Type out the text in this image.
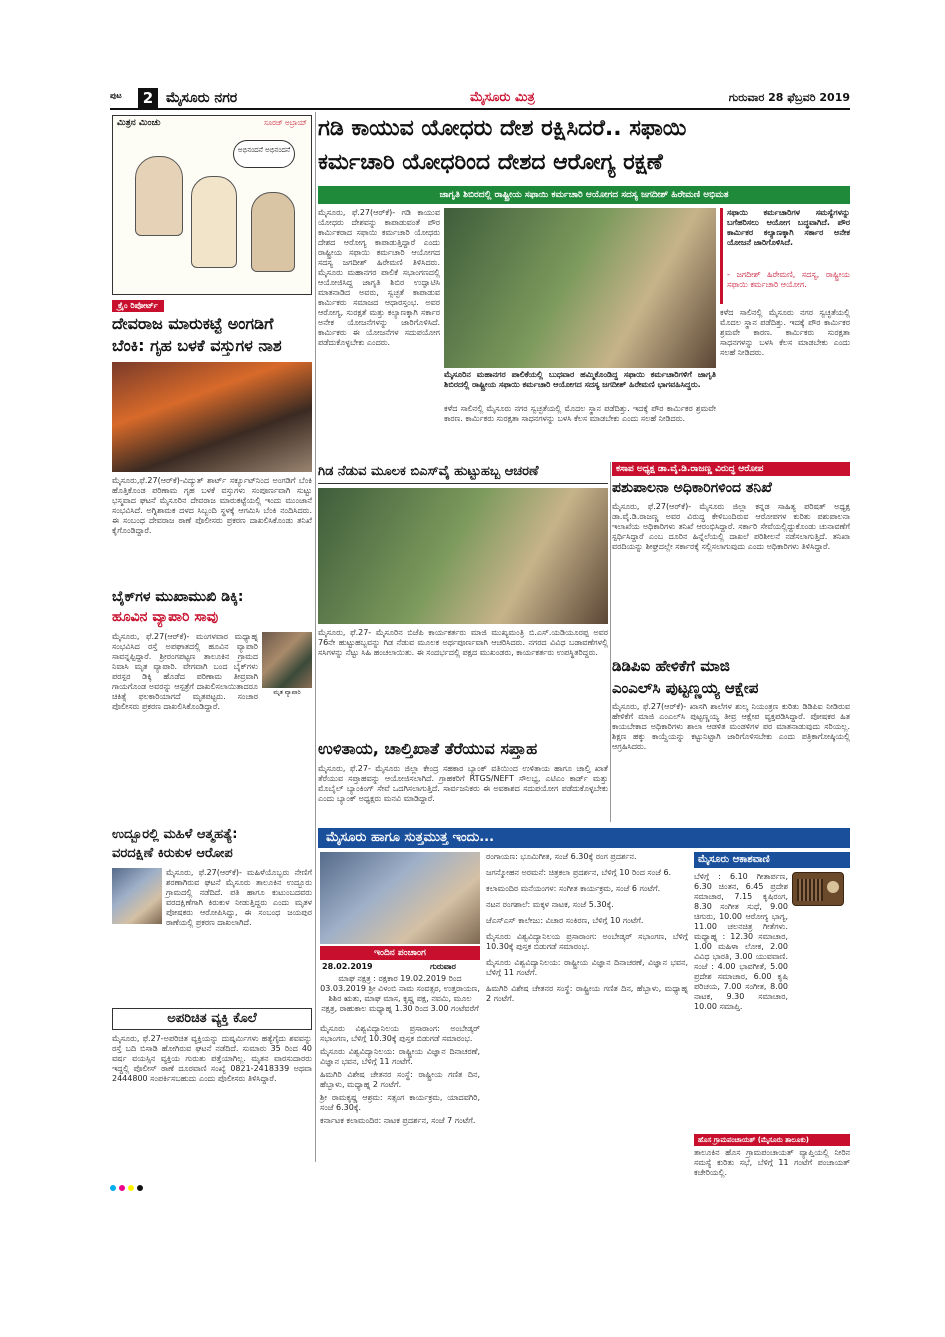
ಪುಟ	2 ಮೈಸೂರು ನಗರ	ಮೈಸೂರು ಮಿತ್ರ	ಗುರುವಾರ 28 ಫೆಬ್ರವರಿ 2019
ಮಿತ್ರನ ಮಿಂಚು	ಸೂರಜ್ ಅಬ್ರಾಯ್
ಅಭಿನಂದನೆ ಅಭಿನಂದನೆ
ಕ್ರೈಂ ರಿಪೋರ್ಟ್
ದೇವರಾಜ ಮಾರುಕಟ್ಟೆ ಅಂಗಡಿಗೆ
ಬೆಂಕಿ: ಗೃಹ ಬಳಕೆ ವಸ್ತುಗಳ ನಾಶ
ಮೈಸೂರು,ಫೆ.27(ಆರ್‌ಕೆ)-ವಿದ್ಯುತ್ ಶಾರ್ಟ್ ಸರ್ಕ್ಯೂಟ್‌ನಿಂದ ಅಂಗಡಿಗೆ ಬೆಂಕಿ ಹೊತ್ತಿಕೊಂಡ ಪರಿಣಾಮ ಗೃಹ ಬಳಕೆ ವಸ್ತುಗಳು ಸಂಪೂರ್ಣವಾಗಿ ಸುಟ್ಟು ಭಸ್ಮವಾದ ಘಟನೆ ಮೈಸೂರಿನ ದೇವರಾಜ ಮಾರುಕಟ್ಟೆಯಲ್ಲಿ ಇಂದು ಮುಂಜಾನೆ ಸಂಭವಿಸಿದೆ. ಅಗ್ನಿಶಾಮಕ ದಳದ ಸಿಬ್ಬಂದಿ ಸ್ಥಳಕ್ಕೆ ಆಗಮಿಸಿ ಬೆಂಕಿ ನಂದಿಸಿದರು. ಈ ಸಂಬಂಧ ದೇವರಾಜ ಠಾಣೆ ಪೊಲೀಸರು ಪ್ರಕರಣ ದಾಖಲಿಸಿಕೊಂಡು ತನಿಖೆ ಕೈಗೊಂಡಿದ್ದಾರೆ.
ಬೈಕ್‌ಗಳ ಮುಖಾಮುಖಿ ಡಿಕ್ಕಿ:
ಹೂವಿನ ವ್ಯಾಪಾರಿ ಸಾವು
ಮೃತ ವ್ಯಾಪಾರಿ
ಮೈಸೂರು, ಫೆ.27(ಆರ್‌ಕೆ)- ಮಂಗಳವಾರ ಮಧ್ಯಾಹ್ನ ಸಂಭವಿಸಿದ ರಸ್ತೆ ಅಪಘಾತದಲ್ಲಿ ಹೂವಿನ ವ್ಯಾಪಾರಿ ಸಾವನ್ನಪ್ಪಿದ್ದಾರೆ. ಶ್ರೀರಂಗಪಟ್ಟಣ ತಾಲೂಕಿನ ಗ್ರಾಮದ ನಿವಾಸಿ ಮೃತ ವ್ಯಾಪಾರಿ. ವೇಗವಾಗಿ ಬಂದ ಬೈಕ್‌ಗಳು ಪರಸ್ಪರ ಡಿಕ್ಕಿ ಹೊಡೆದ ಪರಿಣಾಮ ತೀವ್ರವಾಗಿ ಗಾಯಗೊಂಡ ಅವರನ್ನು ಆಸ್ಪತ್ರೆಗೆ ದಾಖಲಿಸಲಾಯಿತಾದರೂ ಚಿಕಿತ್ಸೆ ಫಲಕಾರಿಯಾಗದೆ ಮೃತಪಟ್ಟರು. ಸಂಚಾರ ಪೊಲೀಸರು ಪ್ರಕರಣ ದಾಖಲಿಸಿಕೊಂಡಿದ್ದಾರೆ.
ಉದ್ಬೂರಲ್ಲಿ ಮಹಿಳೆ ಆತ್ಮಹತ್ಯೆ:
ವರದಕ್ಷಿಣೆ ಕಿರುಕುಳ ಆರೋಪ
ಮೈಸೂರು, ಫೆ.27(ಆರ್‌ಕೆ)- ಮಹಿಳೆಯೊಬ್ಬರು ನೇಣಿಗೆ ಶರಣಾಗಿರುವ ಘಟನೆ ಮೈಸೂರು ತಾಲೂಕಿನ ಉದ್ಬೂರು ಗ್ರಾಮದಲ್ಲಿ ನಡೆದಿದೆ. ಪತಿ ಹಾಗೂ ಕುಟುಂಬದವರು ವರದಕ್ಷಿಣೆಗಾಗಿ ಕಿರುಕುಳ ನೀಡುತ್ತಿದ್ದರು ಎಂದು ಮೃತಳ ಪೋಷಕರು ಆರೋಪಿಸಿದ್ದು, ಈ ಸಂಬಂಧ ಜಯಪುರ ಠಾಣೆಯಲ್ಲಿ ಪ್ರಕರಣ ದಾಖಲಾಗಿದೆ.
ಅಪರಿಚಿತ ವ್ಯಕ್ತಿ ಕೊಲೆ
ಮೈಸೂರು, ಫೆ.27-ಅಪರಿಚಿತ ವ್ಯಕ್ತಿಯನ್ನು ದುಷ್ಕರ್ಮಿಗಳು ಹತ್ಯೆಗೈದು ಶವವನ್ನು ರಸ್ತೆ ಬದಿ ಬಿಸಾಡಿ ಹೋಗಿರುವ ಘಟನೆ ನಡೆದಿದೆ. ಸುಮಾರು 35 ರಿಂದ 40 ವರ್ಷ ವಯಸ್ಸಿನ ವ್ಯಕ್ತಿಯ ಗುರುತು ಪತ್ತೆಯಾಗಿಲ್ಲ. ಮೃತನ ವಾರಸುದಾರರು ಇದ್ದಲ್ಲಿ ಪೊಲೀಸ್ ಠಾಣೆ ದೂರವಾಣಿ ಸಂಖ್ಯೆ 0821-2418339 ಅಥವಾ 2444800 ಸಂಪರ್ಕಿಸಬಹುದು ಎಂದು ಪೊಲೀಸರು ತಿಳಿಸಿದ್ದಾರೆ.
ಗಡಿ ಕಾಯುವ ಯೋಧರು ದೇಶ ರಕ್ಷಿಸಿದರೆ.. ಸಫಾಯಿ
ಕರ್ಮಚಾರಿ ಯೋಧರಿಂದ ದೇಶದ ಆರೋಗ್ಯ ರಕ್ಷಣೆ
ಜಾಗೃತಿ ಶಿಬಿರದಲ್ಲಿ ರಾಷ್ಟ್ರೀಯ ಸಫಾಯಿ ಕರ್ಮಚಾರಿ ಆಯೋಗದ ಸದಸ್ಯ ಜಗದೀಶ್ ಹಿರೇಮಣಿ ಅಭಿಮತ
ಮೈಸೂರು, ಫೆ.27(ಆರ್‌ಕೆ)- ಗಡಿ ಕಾಯುವ ಯೋಧರು ದೇಶವನ್ನು ಕಾಪಾಡುವಂತೆ ಪೌರ ಕಾರ್ಮಿಕರಾದ ಸಫಾಯಿ ಕರ್ಮಚಾರಿ ಯೋಧರು ದೇಶದ ಆರೋಗ್ಯ ಕಾಪಾಡುತ್ತಿದ್ದಾರೆ ಎಂದು ರಾಷ್ಟ್ರೀಯ ಸಫಾಯಿ ಕರ್ಮಚಾರಿ ಆಯೋಗದ ಸದಸ್ಯ ಜಗದೀಶ್ ಹಿರೇಮಣಿ ತಿಳಿಸಿದರು. ಮೈಸೂರು ಮಹಾನಗರ ಪಾಲಿಕೆ ಸಭಾಂಗಣದಲ್ಲಿ ಆಯೋಜಿಸಿದ್ದ ಜಾಗೃತಿ ಶಿಬಿರ ಉದ್ಘಾಟಿಸಿ ಮಾತನಾಡಿದ ಅವರು, ಸ್ವಚ್ಛತೆ ಕಾಪಾಡುವ ಕಾರ್ಮಿಕರು ಸಮಾಜದ ಆಧಾರಸ್ತಂಭ. ಅವರ ಆರೋಗ್ಯ, ಸುರಕ್ಷತೆ ಮತ್ತು ಕಲ್ಯಾಣಕ್ಕಾಗಿ ಸರ್ಕಾರ ಅನೇಕ ಯೋಜನೆಗಳನ್ನು ಜಾರಿಗೊಳಿಸಿದೆ. ಕಾರ್ಮಿಕರು ಈ ಯೋಜನೆಗಳ ಸದುಪಯೋಗ ಪಡೆದುಕೊಳ್ಳಬೇಕು ಎಂದರು.
ಮೈಸೂರಿನ ಮಹಾನಗರ ಪಾಲಿಕೆಯಲ್ಲಿ ಬುಧವಾರ ಹಮ್ಮಿಕೊಂಡಿದ್ದ ಸಫಾಯಿ ಕರ್ಮಚಾರಿಗಳಿಗೆ ಜಾಗೃತಿ ಶಿಬಿರದಲ್ಲಿ ರಾಷ್ಟ್ರೀಯ ಸಫಾಯಿ ಕರ್ಮಚಾರಿ ಆಯೋಗದ ಸದಸ್ಯ ಜಗದೀಶ್ ಹಿರೇಮಣಿ ಭಾಗವಹಿಸಿದ್ದರು.
ಕಳೆದ ಸಾಲಿನಲ್ಲಿ ಮೈಸೂರು ನಗರ ಸ್ವಚ್ಛತೆಯಲ್ಲಿ ಮೊದಲ ಸ್ಥಾನ ಪಡೆದಿತ್ತು. ಇದಕ್ಕೆ ಪೌರ ಕಾರ್ಮಿಕರ ಶ್ರಮವೇ ಕಾರಣ. ಕಾರ್ಮಿಕರು ಸುರಕ್ಷತಾ ಸಾಧನಗಳನ್ನು ಬಳಸಿ ಕೆಲಸ ಮಾಡಬೇಕು ಎಂದು ಸಲಹೆ ನೀಡಿದರು.
ಸಫಾಯಿ ಕರ್ಮಚಾರಿಗಳ ಸಮಸ್ಯೆಗಳನ್ನು ಬಗೆಹರಿಸಲು ಆಯೋಗ ಬದ್ಧವಾಗಿದೆ. ಪೌರ ಕಾರ್ಮಿಕರ ಕಲ್ಯಾಣಕ್ಕಾಗಿ ಸರ್ಕಾರ ಅನೇಕ ಯೋಜನೆ ಜಾರಿಗೊಳಿಸಿದೆ.
- ಜಗದೀಶ್ ಹಿರೇಮಣಿ, ಸದಸ್ಯ, ರಾಷ್ಟ್ರೀಯ ಸಫಾಯಿ ಕರ್ಮಚಾರಿ ಆಯೋಗ.
ಕಳೆದ ಸಾಲಿನಲ್ಲಿ ಮೈಸೂರು ನಗರ ಸ್ವಚ್ಛತೆಯಲ್ಲಿ ಮೊದಲ ಸ್ಥಾನ ಪಡೆದಿತ್ತು. ಇದಕ್ಕೆ ಪೌರ ಕಾರ್ಮಿಕರ ಶ್ರಮವೇ ಕಾರಣ. ಕಾರ್ಮಿಕರು ಸುರಕ್ಷತಾ ಸಾಧನಗಳನ್ನು ಬಳಸಿ ಕೆಲಸ ಮಾಡಬೇಕು ಎಂದು ಸಲಹೆ ನೀಡಿದರು.
ಗಿಡ ನೆಡುವ ಮೂಲಕ ಬಿಎಸ್‌ವೈ ಹುಟ್ಟುಹಬ್ಬ ಆಚರಣೆ
ಮೈಸೂರು, ಫೆ.27- ಮೈಸೂರಿನ ಬಿಜೆಪಿ ಕಾರ್ಯಕರ್ತರು ಮಾಜಿ ಮುಖ್ಯಮಂತ್ರಿ ಬಿ.ಎಸ್.ಯಡಿಯೂರಪ್ಪ ಅವರ 76ನೇ ಹುಟ್ಟುಹಬ್ಬವನ್ನು ಗಿಡ ನೆಡುವ ಮೂಲಕ ಅರ್ಥಪೂರ್ಣವಾಗಿ ಆಚರಿಸಿದರು. ನಗರದ ವಿವಿಧ ಬಡಾವಣೆಗಳಲ್ಲಿ ಸಸಿಗಳನ್ನು ನೆಟ್ಟು ಸಿಹಿ ಹಂಚಲಾಯಿತು. ಈ ಸಂದರ್ಭದಲ್ಲಿ ಪಕ್ಷದ ಮುಖಂಡರು, ಕಾರ್ಯಕರ್ತರು ಉಪಸ್ಥಿತರಿದ್ದರು.
ಕಸಾಪ ಅಧ್ಯಕ್ಷ ಡಾ.ವೈ.ಡಿ.ರಾಜಣ್ಣ ವಿರುದ್ಧ ಆರೋಪ
ಪಶುಪಾಲನಾ ಅಧಿಕಾರಿಗಳಿಂದ ತನಿಖೆ
ಮೈಸೂರು, ಫೆ.27(ಆರ್‌ಕೆ)- ಮೈಸೂರು ಜಿಲ್ಲಾ ಕನ್ನಡ ಸಾಹಿತ್ಯ ಪರಿಷತ್ ಅಧ್ಯಕ್ಷ ಡಾ.ವೈ.ಡಿ.ರಾಜಣ್ಣ ಅವರ ವಿರುದ್ಧ ಕೇಳಿಬಂದಿರುವ ಆರೋಪಗಳ ಕುರಿತು ಪಶುಪಾಲನಾ ಇಲಾಖೆಯ ಅಧಿಕಾರಿಗಳು ತನಿಖೆ ಆರಂಭಿಸಿದ್ದಾರೆ. ಸರ್ಕಾರಿ ಸೇವೆಯಲ್ಲಿದ್ದುಕೊಂಡು ಚುನಾವಣೆಗೆ ಸ್ಪರ್ಧಿಸಿದ್ದಾರೆ ಎಂಬ ದೂರಿನ ಹಿನ್ನೆಲೆಯಲ್ಲಿ ದಾಖಲೆ ಪರಿಶೀಲನೆ ನಡೆಸಲಾಗುತ್ತಿದೆ. ತನಿಖಾ ವರದಿಯನ್ನು ಶೀಘ್ರದಲ್ಲೇ ಸರ್ಕಾರಕ್ಕೆ ಸಲ್ಲಿಸಲಾಗುವುದು ಎಂದು ಅಧಿಕಾರಿಗಳು ತಿಳಿಸಿದ್ದಾರೆ.
ಡಿಡಿಪಿಐ ಹೇಳಿಕೆಗೆ ಮಾಜಿ
ಎಂಎಲ್‌ಸಿ ಪುಟ್ಟಣ್ಣಯ್ಯ ಆಕ್ಷೇಪ
ಮೈಸೂರು, ಫೆ.27(ಆರ್‌ಕೆ)- ಖಾಸಗಿ ಶಾಲೆಗಳ ಶುಲ್ಕ ನಿಯಂತ್ರಣ ಕುರಿತು ಡಿಡಿಪಿಐ ನೀಡಿರುವ ಹೇಳಿಕೆಗೆ ಮಾಜಿ ಎಂಎಲ್‌ಸಿ ಪುಟ್ಟಣ್ಣಯ್ಯ ತೀವ್ರ ಆಕ್ಷೇಪ ವ್ಯಕ್ತಪಡಿಸಿದ್ದಾರೆ. ಪೋಷಕರ ಹಿತ ಕಾಯಬೇಕಾದ ಅಧಿಕಾರಿಗಳು ಶಾಲಾ ಆಡಳಿತ ಮಂಡಳಿಗಳ ಪರ ಮಾತನಾಡುವುದು ಸರಿಯಲ್ಲ. ಶಿಕ್ಷಣ ಹಕ್ಕು ಕಾಯ್ದೆಯನ್ನು ಕಟ್ಟುನಿಟ್ಟಾಗಿ ಜಾರಿಗೊಳಿಸಬೇಕು ಎಂದು ಪತ್ರಿಕಾಗೋಷ್ಠಿಯಲ್ಲಿ ಆಗ್ರಹಿಸಿದರು.
ಉಳಿತಾಯ, ಚಾಲ್ತಿಖಾತೆ ತೆರೆಯುವ ಸಪ್ತಾಹ
ಮೈಸೂರು, ಫೆ.27- ಮೈಸೂರು ಜಿಲ್ಲಾ ಕೇಂದ್ರ ಸಹಕಾರ ಬ್ಯಾಂಕ್ ವತಿಯಿಂದ ಉಳಿತಾಯ ಹಾಗೂ ಚಾಲ್ತಿ ಖಾತೆ ತೆರೆಯುವ ಸಪ್ತಾಹವನ್ನು ಆಯೋಜಿಸಲಾಗಿದೆ. ಗ್ರಾಹಕರಿಗೆ RTGS/NEFT ಸೌಲಭ್ಯ, ಎಟಿಎಂ ಕಾರ್ಡ್ ಮತ್ತು ಮೊಬೈಲ್ ಬ್ಯಾಂಕಿಂಗ್ ಸೇವೆ ಒದಗಿಸಲಾಗುತ್ತಿದೆ. ಸಾರ್ವಜನಿಕರು ಈ ಅವಕಾಶದ ಸದುಪಯೋಗ ಪಡೆದುಕೊಳ್ಳಬೇಕು ಎಂದು ಬ್ಯಾಂಕ್ ಅಧ್ಯಕ್ಷರು ಮನವಿ ಮಾಡಿದ್ದಾರೆ.
ಮೈಸೂರು ಹಾಗೂ ಸುತ್ತಮುತ್ತ ಇಂದು...
ಇಂದಿನ ಪಂಚಾಂಗ
28.02.2019	ಗುರುವಾರ
ಮಾಘ ನಕ್ಷತ್ರ : ರಕ್ಷಕಾರ 19.02.2019 ರಿಂದ 03.03.2019 ಶ್ರೀ ವಿಳಂಬಿ ನಾಮ ಸಂವತ್ಸರ, ಉತ್ತರಾಯಣ, ಶಿಶಿರ ಋತು, ಮಾಘ ಮಾಸ, ಕೃಷ್ಣ ಪಕ್ಷ, ನವಮಿ, ಮೂಲ ನಕ್ಷತ್ರ, ರಾಹುಕಾಲ ಮಧ್ಯಾಹ್ನ 1.30 ರಿಂದ 3.00 ಗಂಟೆವರೆಗೆ
ಮೈಸೂರು ವಿಶ್ವವಿದ್ಯಾನಿಲಯ ಪ್ರಸಾರಾಂಗ: ಅಂಬೇಡ್ಕರ್ ಸಭಾಂಗಣ, ಬೆಳಿಗ್ಗೆ 10.30ಕ್ಕೆ ಪುಸ್ತಕ ಬಿಡುಗಡೆ ಸಮಾರಂಭ.
ಮೈಸೂರು ವಿಶ್ವವಿದ್ಯಾನಿಲಯ: ರಾಷ್ಟ್ರೀಯ ವಿಜ್ಞಾನ ದಿನಾಚರಣೆ, ವಿಜ್ಞಾನ ಭವನ, ಬೆಳಿಗ್ಗೆ 11 ಗಂಟೆಗೆ.
ಹಿಮಗಿರಿ ವಿಶೇಷ ಚೇತನರ ಸಂಸ್ಥೆ: ರಾಷ್ಟ್ರೀಯ ಗಣಿತ ದಿನ, ಹೆಬ್ಬಾಳು, ಮಧ್ಯಾಹ್ನ 2 ಗಂಟೆಗೆ.
ಶ್ರೀ ರಾಮಕೃಷ್ಣ ಆಶ್ರಮ: ಸತ್ಸಂಗ ಕಾರ್ಯಕ್ರಮ, ಯಾದವಗಿರಿ, ಸಂಜೆ 6.30ಕ್ಕೆ.
ಕರ್ನಾಟಕ ಕಲಾಮಂದಿರ: ನಾಟಕ ಪ್ರದರ್ಶನ, ಸಂಜೆ 7 ಗಂಟೆಗೆ.
ರಂಗಾಯಣ: ಭೂಮಿಗೀತ, ಸಂಜೆ 6.30ಕ್ಕೆ ರಂಗ ಪ್ರದರ್ಶನ.
ಜಗನ್ಮೋಹನ ಅರಮನೆ: ಚಿತ್ರಕಲಾ ಪ್ರದರ್ಶನ, ಬೆಳಿಗ್ಗೆ 10 ರಿಂದ ಸಂಜೆ 6.
ಕಲಾಮಂದಿರ ಮನೆಯಂಗಳ: ಸಂಗೀತ ಕಾರ್ಯಕ್ರಮ, ಸಂಜೆ 6 ಗಂಟೆಗೆ.
ನಟನ ರಂಗಶಾಲೆ: ಮಕ್ಕಳ ನಾಟಕ, ಸಂಜೆ 5.30ಕ್ಕೆ.
ಜೆಎಸ್‌ಎಸ್ ಕಾಲೇಜು: ವಿಚಾರ ಸಂಕಿರಣ, ಬೆಳಿಗ್ಗೆ 10 ಗಂಟೆಗೆ.
ಮೈಸೂರು ವಿಶ್ವವಿದ್ಯಾನಿಲಯ ಪ್ರಸಾರಾಂಗ: ಅಂಬೇಡ್ಕರ್ ಸಭಾಂಗಣ, ಬೆಳಿಗ್ಗೆ 10.30ಕ್ಕೆ ಪುಸ್ತಕ ಬಿಡುಗಡೆ ಸಮಾರಂಭ.
ಮೈಸೂರು ವಿಶ್ವವಿದ್ಯಾನಿಲಯ: ರಾಷ್ಟ್ರೀಯ ವಿಜ್ಞಾನ ದಿನಾಚರಣೆ, ವಿಜ್ಞಾನ ಭವನ, ಬೆಳಿಗ್ಗೆ 11 ಗಂಟೆಗೆ.
ಹಿಮಗಿರಿ ವಿಶೇಷ ಚೇತನರ ಸಂಸ್ಥೆ: ರಾಷ್ಟ್ರೀಯ ಗಣಿತ ದಿನ, ಹೆಬ್ಬಾಳು, ಮಧ್ಯಾಹ್ನ 2 ಗಂಟೆಗೆ.
ಮೈಸೂರು ಆಕಾಶವಾಣಿ
ಬೆಳಿಗ್ಗೆ : 6.10 ಗೀತಾರ್ಪಣ, 6.30 ಚಿಂತನ, 6.45 ಪ್ರದೇಶ ಸಮಾಚಾರ, 7.15 ಕೃಷಿರಂಗ, 8.30 ಸಂಗೀತ ಸುಧೆ, 9.00 ಚಿಗುರು, 10.00 ಆರೋಗ್ಯ ಭಾಗ್ಯ, 11.00 ಚಲನಚಿತ್ರ ಗೀತೆಗಳು. ಮಧ್ಯಾಹ್ನ : 12.30 ಸಮಾಚಾರ, 1.00 ಮಹಿಳಾ ಲೋಕ, 2.00 ವಿವಿಧ ಭಾರತಿ, 3.00 ಯುವವಾಣಿ. ಸಂಜೆ : 4.00 ಭಾವಗೀತೆ, 5.00 ಪ್ರದೇಶ ಸಮಾಚಾರ, 6.00 ಕೃಷಿ ಪರಿಚಯ, 7.00 ಸಂಗೀತ, 8.00 ನಾಟಕ, 9.30 ಸಮಾಚಾರ, 10.00 ಸಮಾಪ್ತಿ.
ಹೊಸ ಗ್ರಾಮಪಂಚಾಯತ್ (ಮೈಸೂರು ತಾಲೂಕು)
ತಾಲೂಕಿನ ಹೊಸ ಗ್ರಾಮಪಂಚಾಯತ್ ವ್ಯಾಪ್ತಿಯಲ್ಲಿ ನೀರಿನ ಸಮಸ್ಯೆ ಕುರಿತು ಸಭೆ, ಬೆಳಿಗ್ಗೆ 11 ಗಂಟೆಗೆ ಪಂಚಾಯತ್ ಕಚೇರಿಯಲ್ಲಿ.
